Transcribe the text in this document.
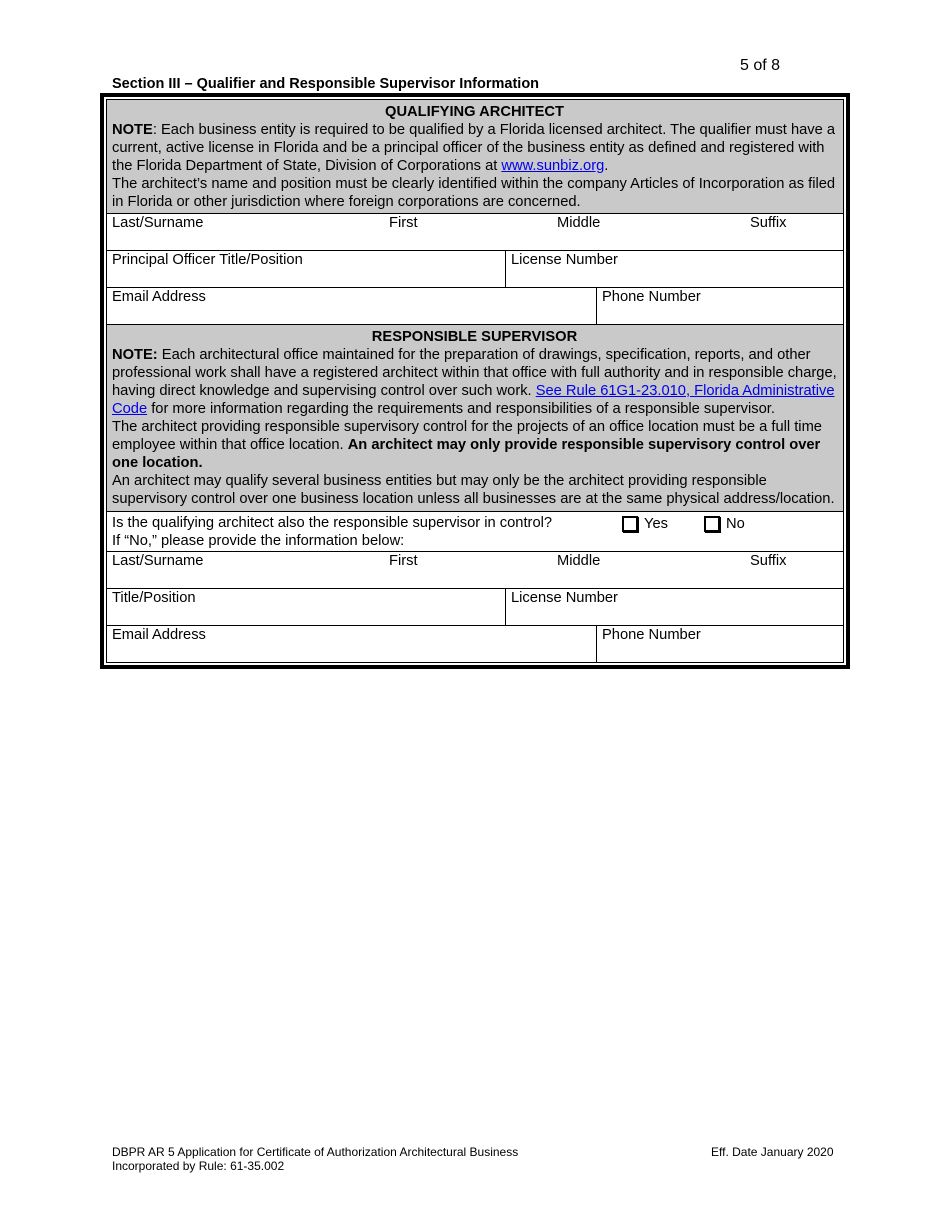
5 of 8
Section III – Qualifier and Responsible Supervisor Information
QUALIFYING ARCHITECT

NOTE: Each business entity is required to be qualified by a Florida licensed architect. The qualifier must have a current, active license in Florida and be a principal officer of the business entity as defined and registered with the Florida Department of State, Division of Corporations at www.sunbiz.org.

The architect’s name and position must be clearly identified within the company Articles of Incorporation as filed in Florida or other jurisdiction where foreign corporations are concerned.

Last/Surname	First	Middle	Suffix
Principal Officer Title/Position	License Number
Email Address	Phone Number
RESPONSIBLE SUPERVISOR

NOTE: Each architectural office maintained for the preparation of drawings, specification, reports, and other professional work shall have a registered architect within that office with full authority and in responsible charge, having direct knowledge and supervising control over such work. See Rule 61G1-23.010, Florida Administrative Code for more information regarding the requirements and responsibilities of a responsible supervisor.

The architect providing responsible supervisory control for the projects of an office location must be a full time employee within that office location. An architect may only provide responsible supervisory control over one location.

An architect may qualify several business entities but may only be the architect providing responsible supervisory control over one business location unless all businesses are at the same physical address/location.

Is the qualifying architect also the responsible supervisor in control?
If “No,” please provide the information below:
Yes	No
Last/Surname	First	Middle	Suffix
Title/Position	License Number
Email Address	Phone Number
DBPR AR 5 Application for Certificate of Authorization Architectural Business
Incorporated by Rule: 61-35.002
Eff. Date January 2020
